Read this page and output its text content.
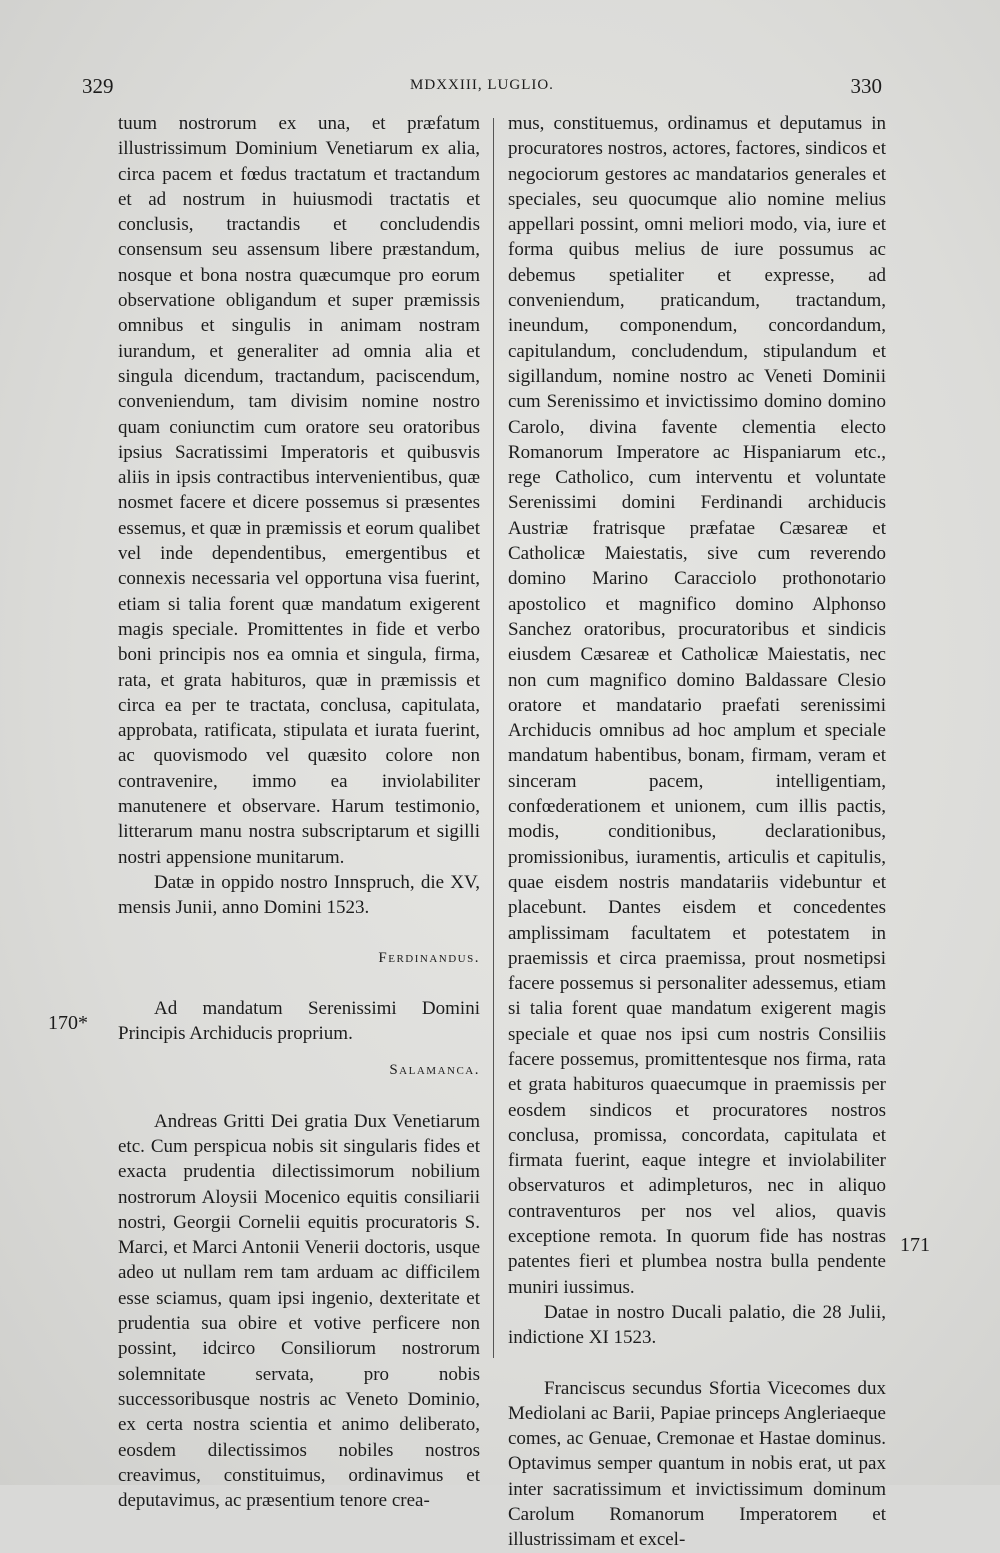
329	MDXXIII, LUGLIO.	330
170*
171

tuum nostrorum ex una, et præfatum illustrissimum Dominium Venetiarum ex alia, circa pacem et fœdus tractatum et tractandum et ad nostrum in huiusmodi tractatis et conclusis, tractandis et concludendis consensum seu assensum libere præstandum, nosque et bona nostra quæcumque pro eorum observatione obligandum et super præmissis omnibus et singulis in animam nostram iurandum, et generaliter ad omnia alia et singula dicendum, tractandum, paciscendum, conveniendum, tam divisim nomine nostro quam coniunctim cum oratore seu oratoribus ipsius Sacratissimi Imperatoris et quibusvis aliis in ipsis contractibus intervenientibus, quæ nosmet facere et dicere possemus si præsentes essemus, et quæ in præmissis et eorum qualibet vel inde dependentibus, emergentibus et connexis necessaria vel opportuna visa fuerint, etiam si talia forent quæ mandatum exigerent magis speciale. Promittentes in fide et verbo boni principis nos ea omnia et singula, firma, rata, et grata habituros, quæ in præmissis et circa ea per te tractata, conclusa, capitulata, approbata, ratificata, stipulata et iurata fuerint, ac quovismodo vel quæsito colore non contravenire, immo ea inviolabiliter manutenere et observare. Harum testimonio, litterarum manu nostra subscriptarum et sigilli nostri appensione munitarum.

Datæ in oppido nostro Innspruch, die XV, mensis Junii, anno Domini 1523.

Ferdinandus.

Ad mandatum Serenissimi Domini Principis Archiducis proprium.

Salamanca.

Andreas Gritti Dei gratia Dux Venetiarum etc. Cum perspicua nobis sit singularis fides et exacta prudentia dilectissimorum nobilium nostrorum Aloysii Mocenico equitis consiliarii nostri, Georgii Cornelii equitis procuratoris S. Marci, et Marci Antonii Venerii doctoris, usque adeo ut nullam rem tam arduam ac difficilem esse sciamus, quam ipsi ingenio, dexteritate et prudentia sua obire et votive perficere non possint, idcirco Consiliorum nostrorum solemnitate servata, pro nobis successoribusque nostris ac Veneto Dominio, ex certa nostra scientia et animo deliberato, eosdem dilectissimos nobiles nostros creavimus, constituimus, ordinavimus et deputavimus, ac præsentium tenore crea-

mus, constituemus, ordinamus et deputamus in procuratores nostros, actores, factores, sindicos et negociorum gestores ac mandatarios generales et speciales, seu quocumque alio nomine melius appellari possint, omni meliori modo, via, iure et forma quibus melius de iure possumus ac debemus spetialiter et expresse, ad conveniendum, praticandum, tractandum, ineundum, componendum, concordandum, capitulandum, concludendum, stipulandum et sigillandum, nomine nostro ac Veneti Dominii cum Serenissimo et invictissimo domino domino Carolo, divina favente clementia electo Romanorum Imperatore ac Hispaniarum etc., rege Catholico, cum interventu et voluntate Serenissimi domini Ferdinandi archiducis Austriæ fratrisque præfatae Cæsareæ et Catholicæ Maiestatis, sive cum reverendo domino Marino Caracciolo prothonotario apostolico et magnifico domino Alphonso Sanchez oratoribus, procuratoribus et sindicis eiusdem Cæsareæ et Catholicæ Maiestatis, nec non cum magnifico domino Baldassare Clesio oratore et mandatario praefati serenissimi Archiducis omnibus ad hoc amplum et speciale mandatum habentibus, bonam, firmam, veram et sinceram pacem, intelligentiam, confœderationem et unionem, cum illis pactis, modis, conditionibus, declarationibus, promissionibus, iuramentis, articulis et capitulis, quae eisdem nostris mandatariis videbuntur et placebunt. Dantes eisdem et concedentes amplissimam facultatem et potestatem in praemissis et circa praemissa, prout nosmetipsi facere possemus si personaliter adessemus, etiam si talia forent quae mandatum exigerent magis speciale et quae nos ipsi cum nostris Consiliis facere possemus, promittentesque nos firma, rata et grata habituros quaecumque in praemissis per eosdem sindicos et procuratores nostros conclusa, promissa, concordata, capitulata et firmata fuerint, eaque integre et inviolabiliter observaturos et adimpleturos, nec in aliquo contraventuros per nos vel alios, quavis exceptione remota. In quorum fide has nostras patentes fieri et plumbea nostra bulla pendente muniri iussimus.

Datae in nostro Ducali palatio, die 28 Julii, indictione XI 1523.

Franciscus secundus Sfortia Vicecomes dux Mediolani ac Barii, Papiae princeps Angleriaeque comes, ac Genuae, Cremonae et Hastae dominus. Optavimus semper quantum in nobis erat, ut pax inter sacratissimum et invictissimum dominum Carolum Romanorum Imperatorem et illustrissimam et excel-
